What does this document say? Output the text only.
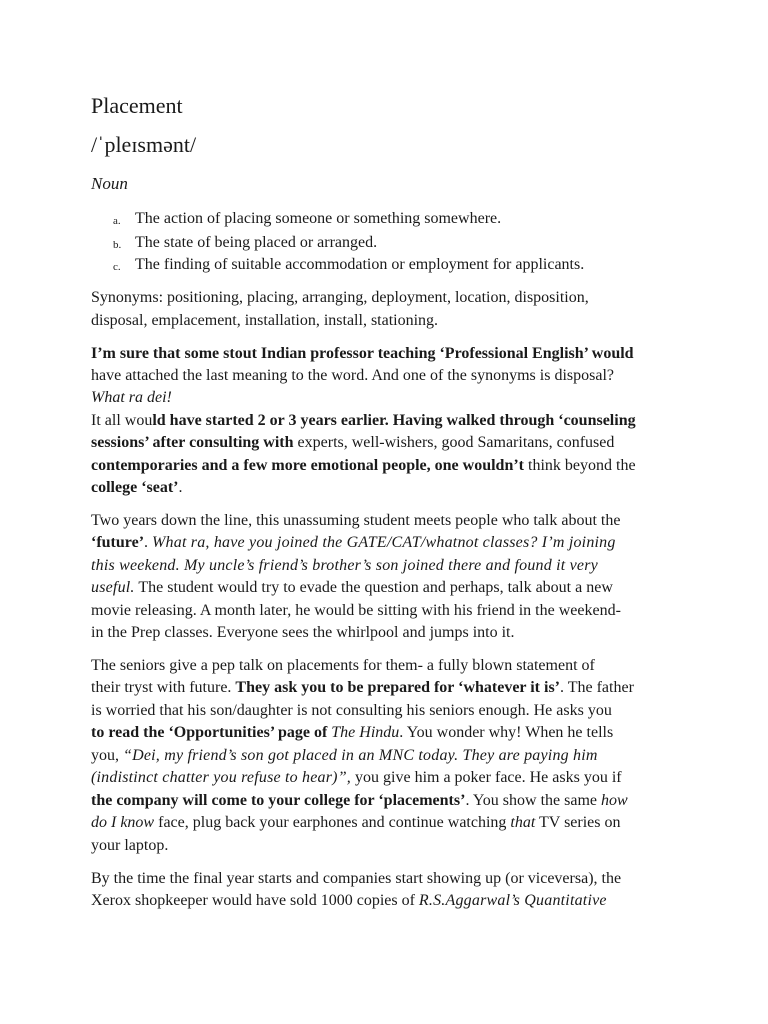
Placement
/ˈpleɪsmənt/
Noun
a. The action of placing someone or something somewhere.
b. The state of being placed or arranged.
c. The finding of suitable accommodation or employment for applicants.
Synonyms: positioning, placing, arranging, deployment, location, disposition,
disposal, emplacement, installation, install, stationing.
I’m sure that some stout Indian professor teaching ‘Professional English’ would
have attached the last meaning to the word. And one of the synonyms is disposal?
What ra dei!
It all would have started 2 or 3 years earlier. Having walked through ‘counseling
sessions’ after consulting with experts, well-wishers, good Samaritans, confused
contemporaries and a few more emotional people, one wouldn’t think beyond the
college ‘seat’.
Two years down the line, this unassuming student meets people who talk about the
‘future’. What ra, have you joined the GATE/CAT/whatnot classes? I’m joining
this weekend. My uncle’s friend’s brother’s son joined there and found it very
useful. The student would try to evade the question and perhaps, talk about a new
movie releasing. A month later, he would be sitting with his friend in the weekend-
in the Prep classes. Everyone sees the whirlpool and jumps into it.
The seniors give a pep talk on placements for them- a fully blown statement of
their tryst with future. They ask you to be prepared for ‘whatever it is’. The father
is worried that his son/daughter is not consulting his seniors enough. He asks you
to read the ‘Opportunities’ page of The Hindu. You wonder why! When he tells
you, “Dei, my friend’s son got placed in an MNC today. They are paying him
(indistinct chatter you refuse to hear)”, you give him a poker face. He asks you if
the company will come to your college for ‘placements’. You show the same how
do I know face, plug back your earphones and continue watching that TV series on
your laptop.
By the time the final year starts and companies start showing up (or viceversa), the
Xerox shopkeeper would have sold 1000 copies of R.S.Aggarwal’s Quantitative
